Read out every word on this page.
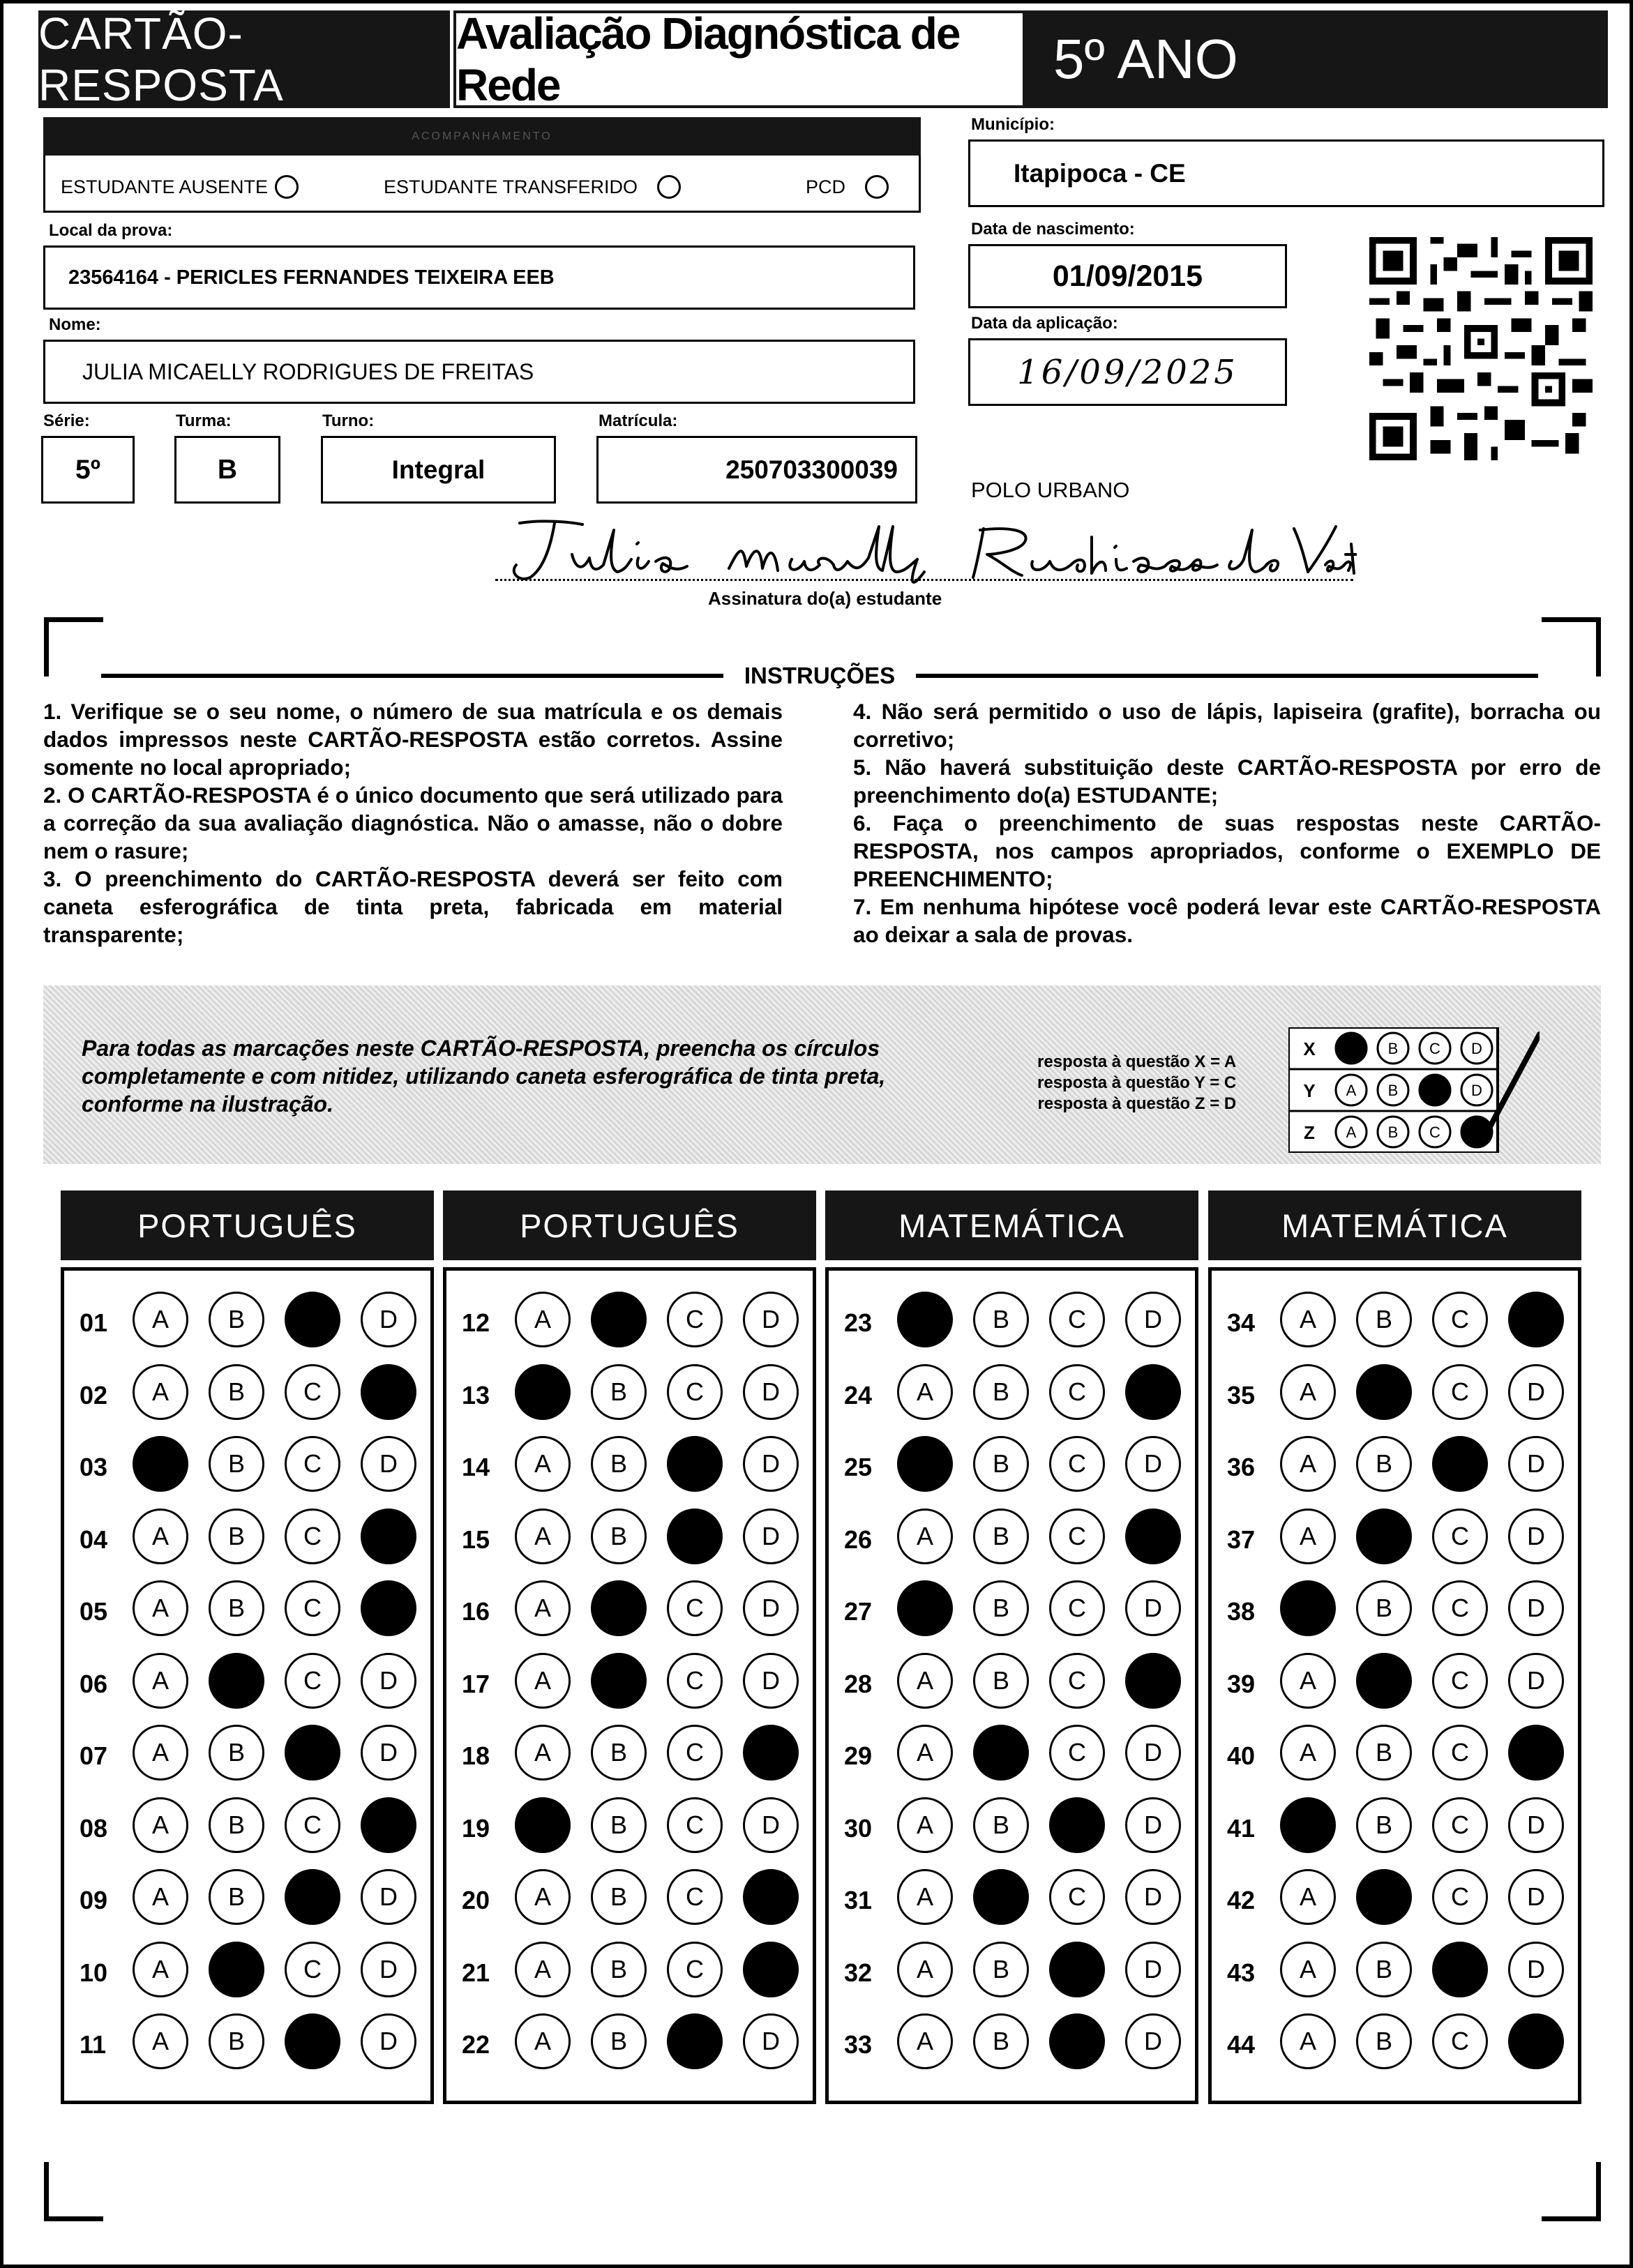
CARTÃO-RESPOSTA
Avaliação Diagnóstica de Rede	5º ANO
ACOMPANHAMENTO
ESTUDANTE AUSENTE	ESTUDANTE TRANSFERIDO	PCD
Município:
Itapipoca - CE
Local da prova:
23564164 - PERICLES FERNANDES TEIXEIRA EEB
Data de nascimento:
01/09/2015
Nome:
JULIA MICAELLY RODRIGUES DE FREITAS
Data da aplicação:
16/09/2025
Série:
5º
Turma:
B
Turno:
Integral
Matrícula:
250703300039
POLO URBANO
Assinatura do(a) estudante
INSTRUÇÕES

1. Verifique se o seu nome, o número de sua matrícula e os demais dados impressos neste CARTÃO-RESPOSTA estão corretos. Assine somente no local apropriado;

2. O CARTÃO-RESPOSTA é o único documento que será utilizado para a correção da sua avaliação diagnóstica. Não o amasse, não o dobre nem o rasure;

3. O preenchimento do CARTÃO-RESPOSTA deverá ser feito com caneta esferográfica de tinta preta, fabricada em material transparente;

4. Não será permitido o uso de lápis, lapiseira (grafite), borracha ou corretivo;

5. Não haverá substituição deste CARTÃO-RESPOSTA por erro de preenchimento do(a) ESTUDANTE;

6. Faça o preenchimento de suas respostas neste CARTÃO-RESPOSTA, nos campos apropriados, conforme o EXEMPLO DE PREENCHIMENTO;

7. Em nenhuma hipótese você poderá levar este CARTÃO-RESPOSTA ao deixar a sala de provas.

Para todas as marcações neste CARTÃO-RESPOSTA, preencha os círculos completamente e com nitidez, utilizando caneta esferográfica de tinta preta, conforme na ilustração.
resposta à questão X = A
resposta à questão Y = C
resposta à questão Z = D
X	B C D
Y A B	D
Z A B C
PORTUGUÊS
01	A	B	D
02	A	B	C
03	B	C	D
04	A	B	C
05	A	B	C
06	A	C	D
07	A	B	D
08	A	B	C
09	A	B	D
10	A	C	D
11	A	B	D
PORTUGUÊS
12	A	C	D
13	B	C	D
14	A	B	D
15	A	B	D
16	A	C	D
17	A	C	D
18	A	B	C
19	B	C	D
20	A	B	C
21	A	B	C
22	A	B	D
MATEMÁTICA
23	B	C	D
24	A	B	C
25	B	C	D
26	A	B	C
27	B	C	D
28	A	B	C
29	A	C	D
30	A	B	D
31	A	C	D
32	A	B	D
33	A	B	D
MATEMÁTICA
34	A	B	C
35	A	C	D
36	A	B	D
37	A	C	D
38	B	C	D
39	A	C	D
40	A	B	C
41	B	C	D
42	A	C	D
43	A	B	D
44	A	B	C
